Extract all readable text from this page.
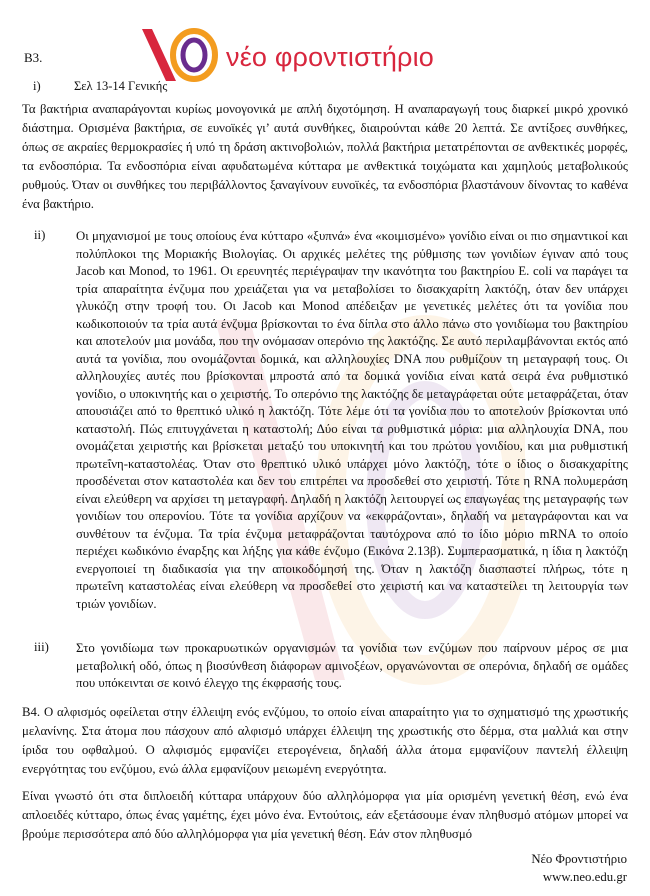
B3.	νέο φροντιστήριο
i)	Σελ 13-14 Γενικής

Τα βακτήρια αναπαράγονται κυρίως μονογονικά με απλή διχοτόμηση. Η αναπαραγωγή τους διαρκεί μικρό χρονικό διάστημα. Ορισμένα βακτήρια, σε ευνοϊκές γι’ αυτά συνθήκες, διαιρούνται κάθε 20 λεπτά. Σε αντίξοες συνθήκες, όπως σε ακραίες θερμοκρασίες ή υπό τη δράση ακτινοβολιών, πολλά βακτήρια μετατρέπονται σε ανθεκτικές μορφές, τα ενδοσπόρια. Τα ενδοσπόρια είναι αφυδατωμένα κύτταρα με ανθεκτικά τοιχώματα και χαμηλούς μεταβολικούς ρυθμούς. Όταν οι συνθήκες του περιβάλλοντος ξαναγίνουν ευνοϊκές, τα ενδοσπόρια βλαστάνουν δίνοντας το καθένα ένα βακτήριο.

ii) Οι μηχανισμοί με τους οποίους ένα κύτταρο «ξυπνά» ένα «κοιμισμένο» γονίδιο είναι οι πιο σημαντικοί και πολύπλοκοι της Μοριακής Βιολογίας. Οι αρχικές μελέτες της ρύθμισης των γονιδίων έγιναν από τους Jacob και Monod, το 1961. Οι ερευνητές περιέγραψαν την ικανότητα του βακτηρίου E. coli να παράγει τα τρία απαραίτητα ένζυμα που χρειάζεται για να μεταβολίσει το δισακχαρίτη λακτόζη, όταν δεν υπάρχει γλυκόζη στην τροφή του. Οι Jacob και Monod απέδειξαν με γενετικές μελέτες ότι τα γονίδια που κωδικοποιούν τα τρία αυτά ένζυμα βρίσκονται το ένα δίπλα στο άλλο πάνω στο γονιδίωμα του βακτηρίου και αποτελούν μια μονάδα, που την ονόμασαν οπερόνιο της λακτόζης. Σε αυτό περιλαμβάνονται εκτός από αυτά τα γονίδια, που ονομάζονται δομικά, και αλληλουχίες DNA που ρυθμίζουν τη μεταγραφή τους. Οι αλληλουχίες αυτές που βρίσκονται μπροστά από τα δομικά γονίδια είναι κατά σειρά ένα ρυθμιστικό γονίδιο, ο υποκινητής και ο χειριστής. Το οπερόνιο της λακτόζης δε μεταγράφεται ούτε μεταφράζεται, όταν απουσιάζει από το θρεπτικό υλικό η λακτόζη. Τότε λέμε ότι τα γονίδια που το αποτελούν βρίσκονται υπό καταστολή. Πώς επιτυγχάνεται η καταστολή; Δύο είναι τα ρυθμιστικά μόρια: μια αλληλουχία DNA, που ονομάζεται χειριστής και βρίσκεται μεταξύ του υποκινητή και του πρώτου γονιδίου, και μια ρυθμιστική πρωτεΐνη-καταστολέας. Όταν στο θρεπτικό υλικό υπάρχει μόνο λακτόζη, τότε ο ίδιος ο δισακχαρίτης προσδένεται στον καταστολέα και δεν του επιτρέπει να προσδεθεί στο χειριστή. Τότε η RNA πολυμεράση είναι ελεύθερη να αρχίσει τη μεταγραφή. Δηλαδή η λακτόζη λειτουργεί ως επαγωγέας της μεταγραφής των γονιδίων του οπερονίου. Τότε τα γονίδια αρχίζουν να «εκφράζονται», δηλαδή να μεταγράφονται και να συνθέτουν τα ένζυμα. Τα τρία ένζυμα μεταφράζονται ταυτόχρονα από το ίδιο μόριο mRNA το οποίο περιέχει κωδικόνιο έναρξης και λήξης για κάθε ένζυμο (Εικόνα 2.13β). Συμπερασματικά, η ίδια η λακτόζη ενεργοποιεί τη διαδικασία για την αποικοδόμησή της. Όταν η λακτόζη διασπαστεί πλήρως, τότε η πρωτεΐνη καταστολέας είναι ελεύθερη να προσδεθεί στο χειριστή και να καταστείλει τη λειτουργία των τριών γονιδίων.

iii) Στο γονιδίωμα των προκαρυωτικών οργανισμών τα γονίδια των ενζύμων που παίρνουν μέρος σε μια μεταβολική οδό, όπως η βιοσύνθεση διάφορων αμινοξέων, οργανώνονται σε οπερόνια, δηλαδή σε ομάδες που υπόκεινται σε κοινό έλεγχο της έκφρασής τους.

Β4. Ο αλφισμός οφείλεται στην έλλειψη ενός ενζύμου, το οποίο είναι απαραίτητο για το σχηματισμό της χρωστικής μελανίνης. Στα άτομα που πάσχουν από αλφισμό υπάρχει έλλειψη της χρωστικής στο δέρμα, στα μαλλιά και στην ίριδα του οφθαλμού. Ο αλφισμός εμφανίζει ετερογένεια, δηλαδή άλλα άτομα εμφανίζουν παντελή έλλειψη ενεργότητας του ενζύμου, ενώ άλλα εμφανίζουν μειωμένη ενεργότητα.

Είναι γνωστό ότι στα διπλοειδή κύτταρα υπάρχουν δύο αλληλόμορφα για μία ορισμένη γενετική θέση, ενώ ένα απλοειδές κύτταρο, όπως ένας γαμέτης, έχει μόνο ένα. Εντούτοις, εάν εξετάσουμε έναν πληθυσμό ατόμων μπορεί να βρούμε περισσότερα από δύο αλληλόμορφα για μία γενετική θέση. Εάν στον πληθυσμό

Νέο Φροντιστήριο
www.neo.edu.gr
